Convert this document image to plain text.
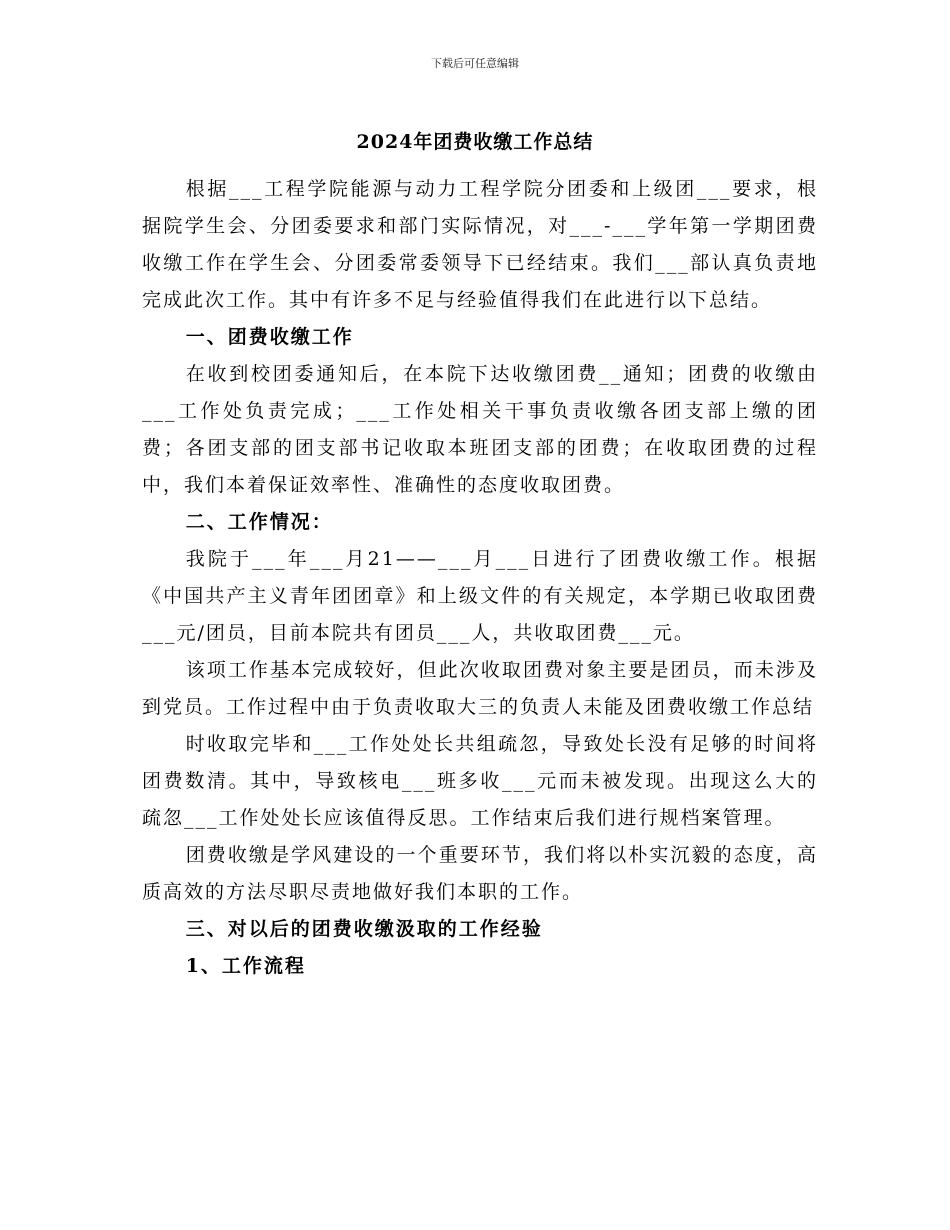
下载后可任意编辑
2024年团费收缴工作总结

根据___工程学院能源与动力工程学院分团委和上级团___要求，根据院学生会、分团委要求和部门实际情况，对___-___学年第一学期团费收缴工作在学生会、分团委常委领导下已经结束。我们___部认真负责地完成此次工作。其中有许多不足与经验值得我们在此进行以下总结。

一、团费收缴工作

在收到校团委通知后，在本院下达收缴团费__通知；团费的收缴由___工作处负责完成；___工作处相关干事负责收缴各团支部上缴的团费；各团支部的团支部书记收取本班团支部的团费；在收取团费的过程中，我们本着保证效率性、准确性的态度收取团费。

二、工作情况：

我院于___年___月21——___月___日进行了团费收缴工作。根据《中国共产主义青年团团章》和上级文件的有关规定，本学期已收取团费___元/团员，目前本院共有团员___人，共收取团费___元。

该项工作基本完成较好，但此次收取团费对象主要是团员，而未涉及到党员。工作过程中由于负责收取大三的负责人未能及团费收缴工作总结

时收取完毕和___工作处处长共组疏忽，导致处长没有足够的时间将团费数清。其中，导致核电___班多收___元而未被发现。出现这么大的疏忽___工作处处长应该值得反思。工作结束后我们进行规档案管理。

团费收缴是学风建设的一个重要环节，我们将以朴实沉毅的态度，高质高效的方法尽职尽责地做好我们本职的工作。

三、对以后的团费收缴汲取的工作经验

1、工作流程
